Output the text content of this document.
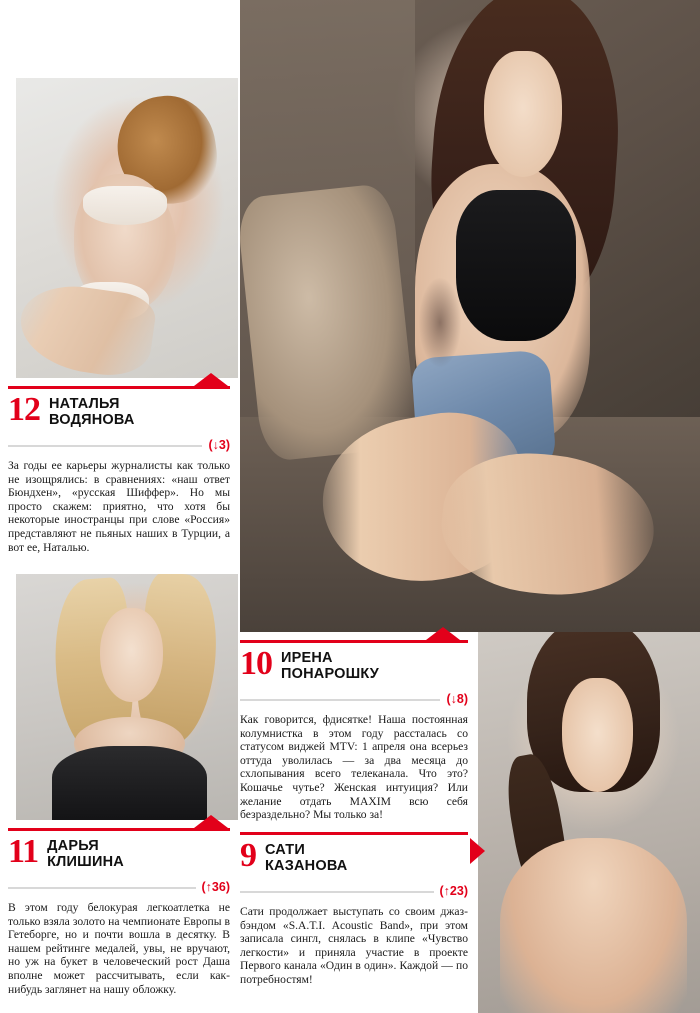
12 НАТАЛЬЯ
ВОДЯНОВА
(↓3)
За годы ее карьеры журналисты как только не изощрялись: в сравнениях: «наш ответ Бюндхен», «русская Шиффер». Но мы просто скажем: приятно, что хотя бы некоторые иностранцы при слове «Россия» представляют не пьяных наших в Турции, а вот ее, Наталью.
11 ДАРЬЯ
КЛИШИНА
(↑36)
В этом году белокурая легкоатлетка не только взяла золото на чемпионате Европы в Гетеборге, но и почти вошла в десятку. В нашем рейтинге медалей, увы, не вручают, но уж на букет в человеческий рост Даша вполне может рассчитывать, если как-нибудь заглянет на нашу обложку.
10 ИРЕНА
ПОНАРОШКУ
(↓8)
Как говорится, фдисятке! Наша постоянная колумнистка в этом году рассталась со статусом виджей MTV: 1 апреля она всерьез оттуда уволилась — за два месяца до схлопывания всего телеканала. Что это? Кошачье чутье? Женская интуиция? Или желание отдать MAXIM всю себя безраздельно? Мы только за!
9 САТИ
КАЗАНОВА
(↑23)
Сати продолжает выступать со своим джаз-бэндом «S.A.T.I. Acoustic Band», при этом записала сингл, снялась в клипе «Чувство легкости» и приняла участие в проекте Первого канала «Один в один». Каждой — по потребностям!
